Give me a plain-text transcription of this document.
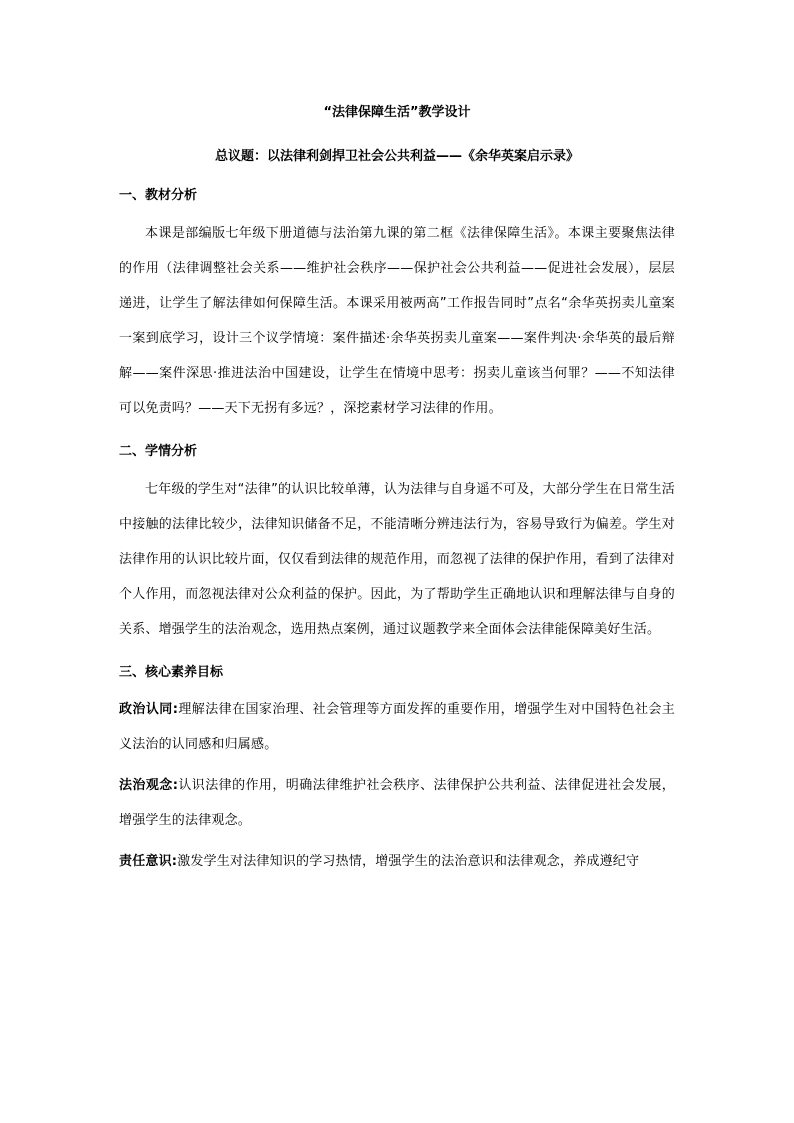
“法律保障生活”教学设计
总议题：以法律利剑捍卫社会公共利益——《余华英案启示录》
一、教材分析
本课是部编版七年级下册道德与法治第九课的第二框《法律保障生活》。本课主要聚焦法律的作用（法律调整社会关系——维护社会秩序——保护社会公共利益——促进社会发展），层层递进，让学生了解法律如何保障生活。本课采用被两高”工作报告同时”点名“余华英拐卖儿童案一案到底学习，设计三个议学情境：案件描述·余华英拐卖儿童案——案件判决·余华英的最后辩解——案件深思·推进法治中国建设，让学生在情境中思考：拐卖儿童该当何罪？——不知法律可以免责吗？——天下无拐有多远？，深挖素材学习法律的作用。
二、学情分析
七年级的学生对“法律”的认识比较单薄，认为法律与自身遥不可及，大部分学生在日常生活中接触的法律比较少，法律知识储备不足，不能清晰分辨违法行为，容易导致行为偏差。学生对法律作用的认识比较片面，仅仅看到法律的规范作用，而忽视了法律的保护作用，看到了法律对个人作用，而忽视法律对公众利益的保护。因此，为了帮助学生正确地认识和理解法律与自身的关系、增强学生的法治观念，选用热点案例，通过议题教学来全面体会法律能保障美好生活。
三、核心素养目标
政治认同:理解法律在国家治理、社会管理等方面发挥的重要作用，增强学生对中国特色社会主义法治的认同感和归属感。
法治观念:认识法律的作用，明确法律维护社会秩序、法律保护公共利益、法律促进社会发展，增强学生的法律观念。
责任意识:激发学生对法律知识的学习热情，增强学生的法治意识和法律观念，养成遵纪守
